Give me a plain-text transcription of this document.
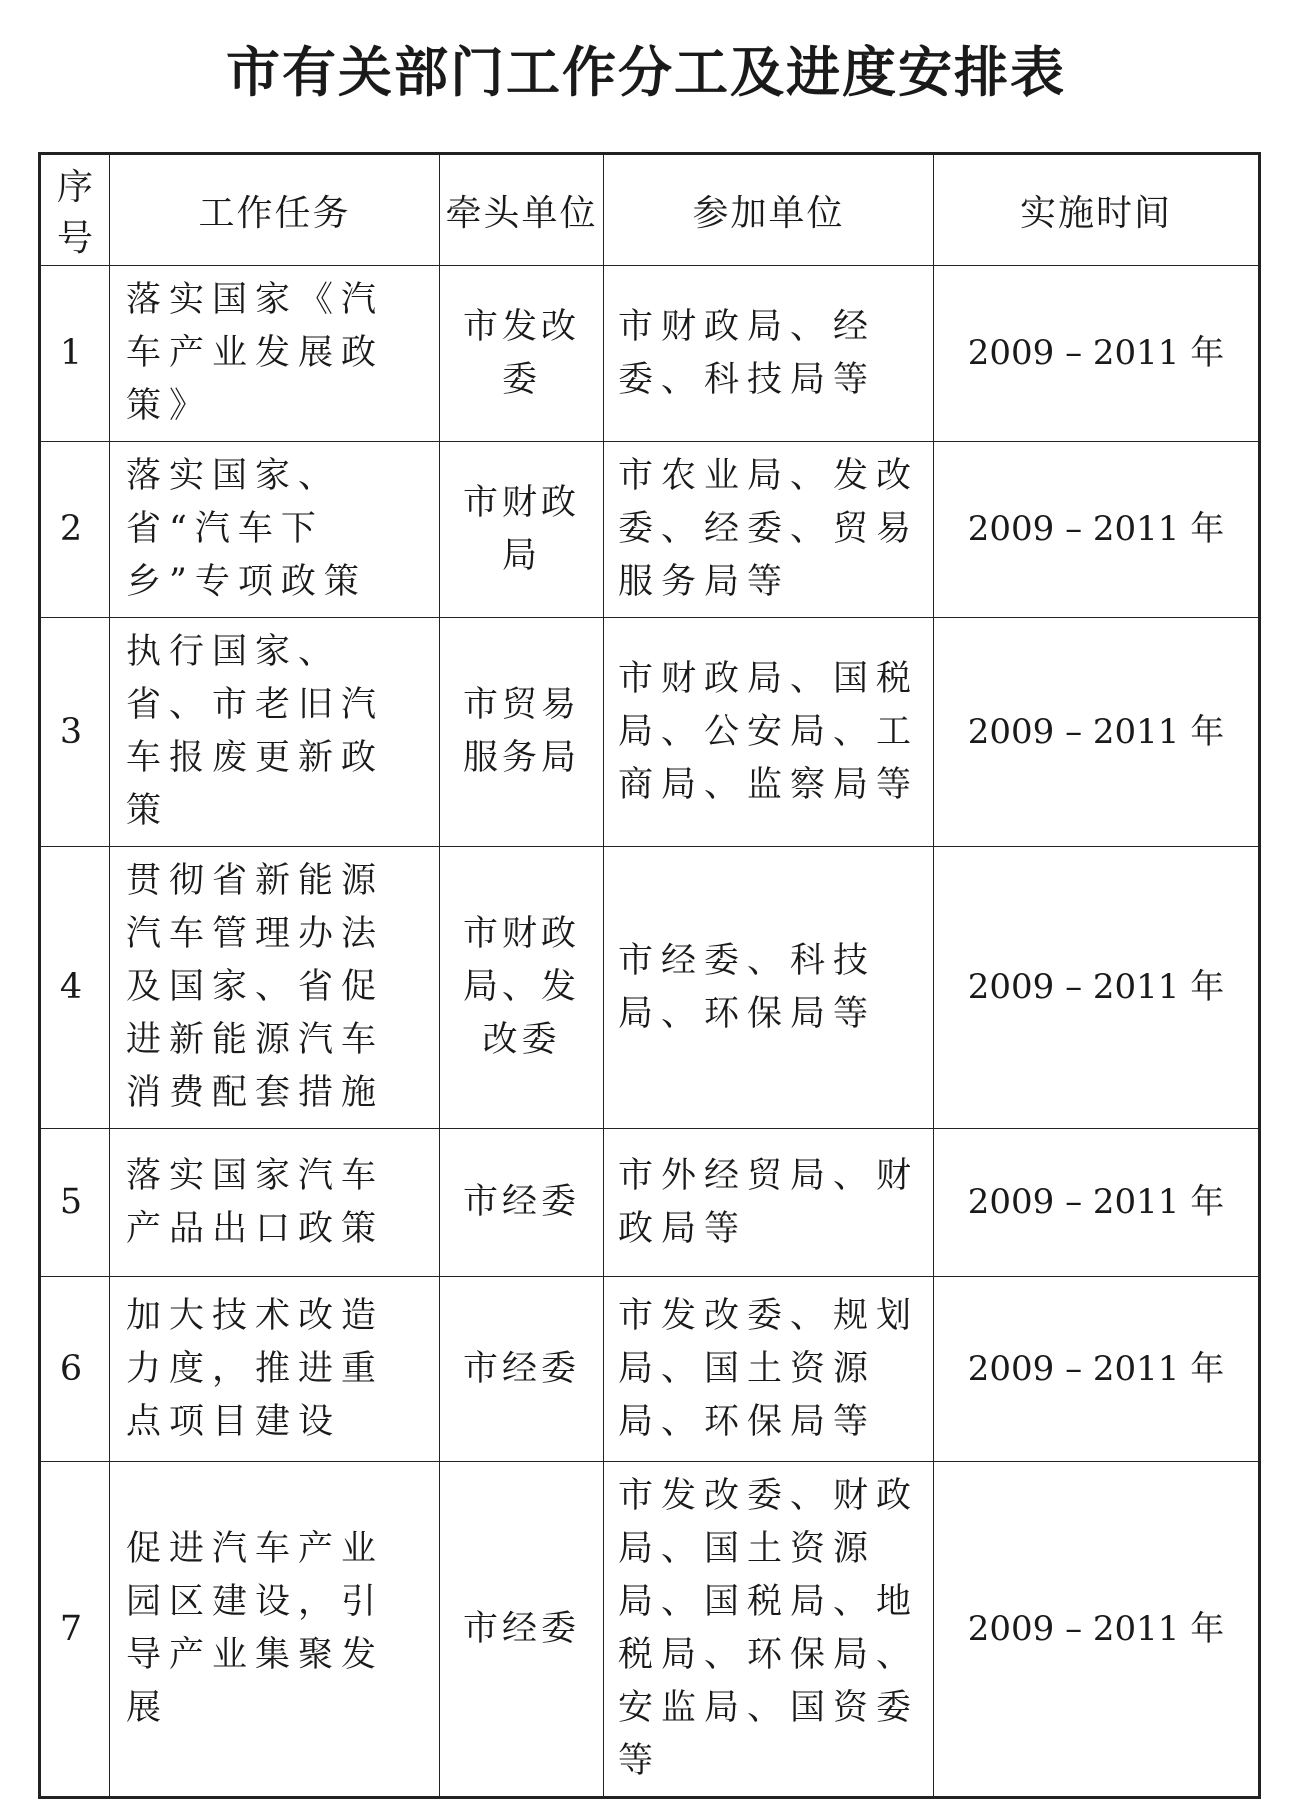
市有关部门工作分工及进度安排表
序号	工作任务	牵头单位	参加单位	实施时间
1	落实国家《汽车产业发展政策》	市发改委	市财政局、经委、科技局等	2009 – 2011 年
2	落实国家、省“汽车下乡”专项政策	市财政局	市农业局、发改委、经委、贸易服务局等	2009 – 2011 年
3	执行国家、省、市老旧汽车报废更新政策	市贸易服务局	市财政局、国税局、公安局、工商局、监察局等	2009 – 2011 年
4	贯彻省新能源汽车管理办法及国家、省促进新能源汽车消费配套措施	市财政局、发改委	市经委、科技局、环保局等	2009 – 2011 年
5	落实国家汽车产品出口政策	市经委	市外经贸局、财政局等	2009 – 2011 年
6	加大技术改造力度，推进重点项目建设	市经委	市发改委、规划局、国土资源局、环保局等	2009 – 2011 年
7	促进汽车产业园区建设，引导产业集聚发展	市经委	市发改委、财政局、国土资源局、国税局、地税局、环保局、安监局、国资委等	2009 – 2011 年
